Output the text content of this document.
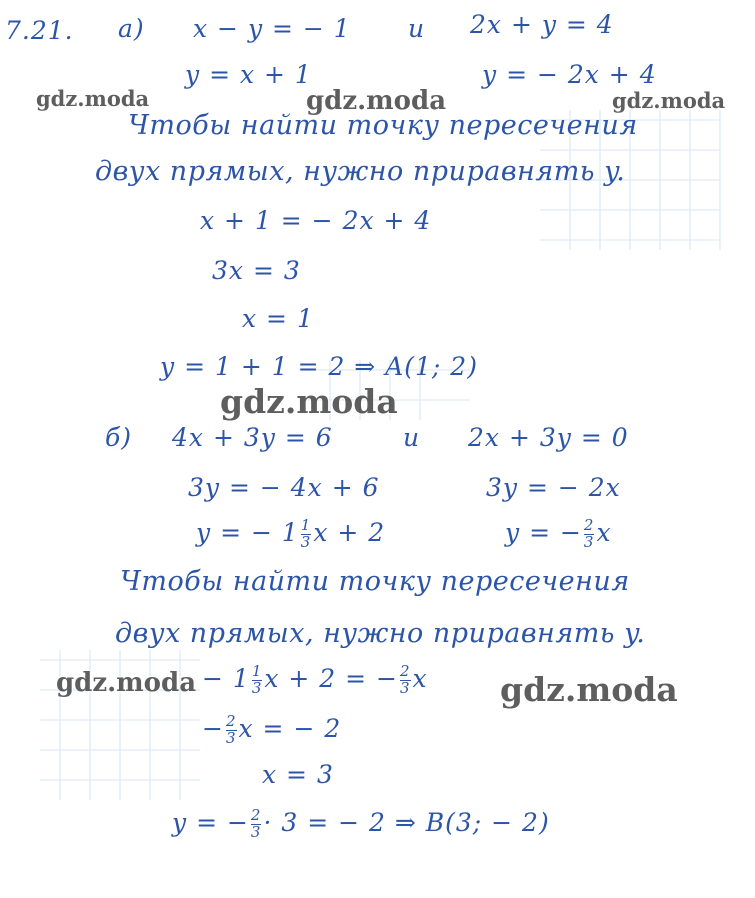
7.21. а) x − y = − 1 и 2x + y = 4
y = x + 1	y = − 2x + 4
Чтобы найти точку пересечения
двух прямых, нужно приравнять y.
x + 1 = − 2x + 4
3x = 3
x = 1
y = 1 + 1 = 2 ⇒ A(1; 2)
б) 4x + 3y = 6	и 2x + 3y = 0
3y = − 4x + 6	3y = − 2x
y = − $1 \frac{1}{3}$ x + 2	y = − $\frac{2}{3}$ x
Чтобы найти точку пересечения
двух прямых, нужно приравнять y.
− $1 \frac{1}{3}$ x + 2 = − $\frac{2}{3}$ x
− $\frac{2}{3}$ x = − 2
x = 3
y = − $\frac{2}{3} \cdot 3$ = − 2 ⇒ B(3; − 2)
gdz.moda	gdz.moda	gdz.moda
gdz.moda
gdz.moda	gdz.moda
